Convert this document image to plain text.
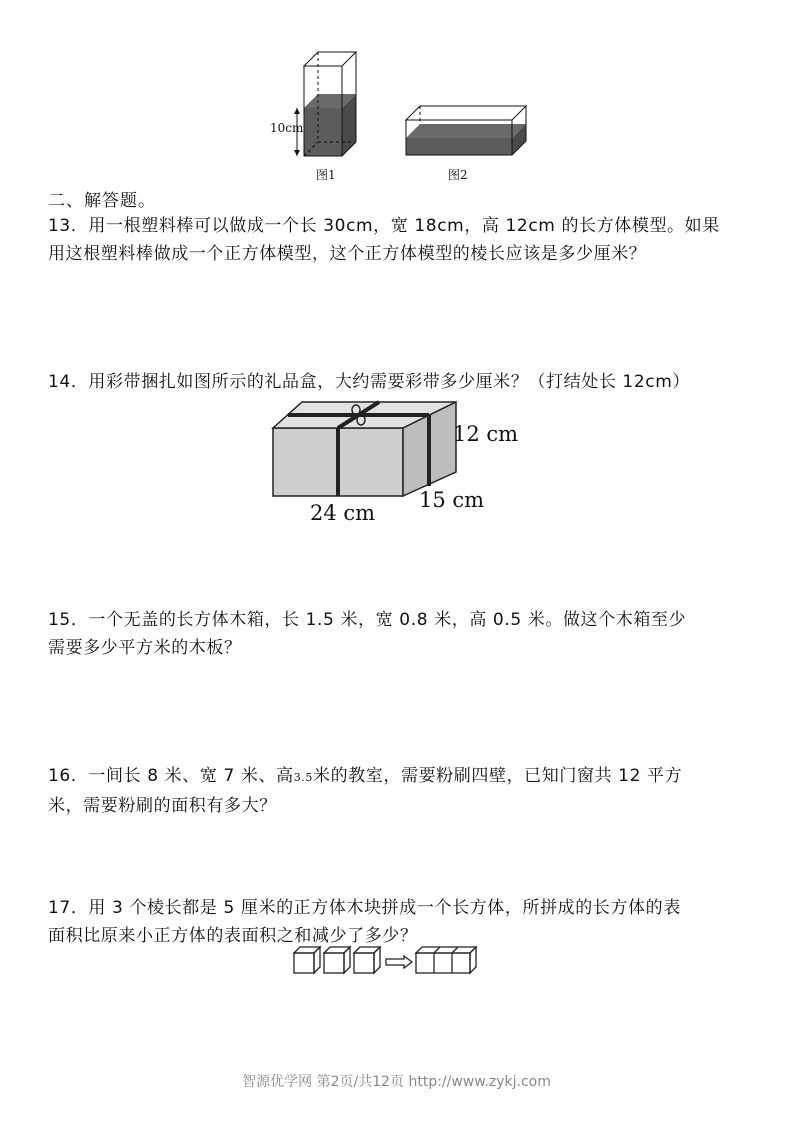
10cm
图1	图2
二、解答题。
13．用一根塑料棒可以做成一个长 30cm，宽 18cm，高 12cm 的长方体模型。如果
用这根塑料棒做成一个正方体模型，这个正方体模型的棱长应该是多少厘米？
14．用彩带捆扎如图所示的礼品盒，大约需要彩带多少厘米？（打结处长 12cm）
12 cm
15 cm
24 cm
15．一个无盖的长方体木箱，长 1.5 米，宽 0.8 米，高 0.5 米。做这个木箱至少
需要多少平方米的木板？
16．一间长 8 米、宽 7 米、高3.5米的教室，需要粉刷四壁，已知门窗共 12 平方
米，需要粉刷的面积有多大？
17．用 3 个棱长都是 5 厘米的正方体木块拼成一个长方体，所拼成的长方体的表
面积比原来小正方体的表面积之和减少了多少？
智源优学网 第2页/共12页 http://www.zykj.com
